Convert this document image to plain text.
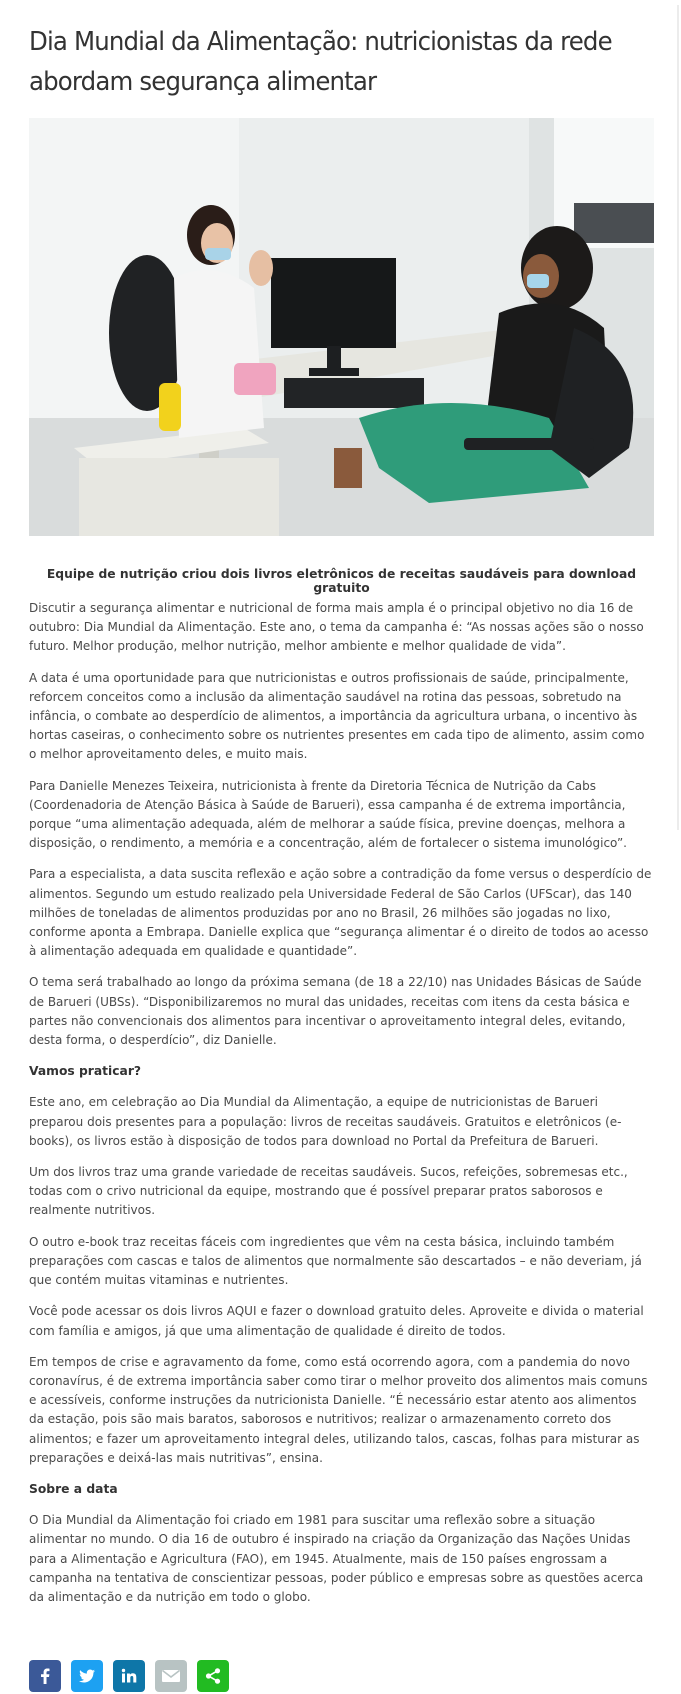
Dia Mundial da Alimentação: nutricionistas da rede abordam segurança alimentar
Equipe de nutrição criou dois livros eletrônicos de receitas saudáveis para download gratuito

Discutir a segurança alimentar e nutricional de forma mais ampla é o principal objetivo no dia 16 de outubro: Dia Mundial da Alimentação. Este ano, o tema da campanha é: “As nossas ações são o nosso futuro. Melhor produção, melhor nutrição, melhor ambiente e melhor qualidade de vida”.

A data é uma oportunidade para que nutricionistas e outros profissionais de saúde, principalmente, reforcem conceitos como a inclusão da alimentação saudável na rotina das pessoas, sobretudo na infância, o combate ao desperdício de alimentos, a importância da agricultura urbana, o incentivo às hortas caseiras, o conhecimento sobre os nutrientes presentes em cada tipo de alimento, assim como o melhor aproveitamento deles, e muito mais.

Para Danielle Menezes Teixeira, nutricionista à frente da Diretoria Técnica de Nutrição da Cabs (Coordenadoria de Atenção Básica à Saúde de Barueri), essa campanha é de extrema importância, porque “uma alimentação adequada, além de melhorar a saúde física, previne doenças, melhora a disposição, o rendimento, a memória e a concentração, além de fortalecer o sistema imunológico”.

Para a especialista, a data suscita reflexão e ação sobre a contradição da fome versus o desperdício de alimentos. Segundo um estudo realizado pela Universidade Federal de São Carlos (UFScar), das 140 milhões de toneladas de alimentos produzidas por ano no Brasil, 26 milhões são jogadas no lixo, conforme aponta a Embrapa. Danielle explica que “segurança alimentar é o direito de todos ao acesso à alimentação adequada em qualidade e quantidade”.

O tema será trabalhado ao longo da próxima semana (de 18 a 22/10) nas Unidades Básicas de Saúde de Barueri (UBSs). “Disponibilizaremos no mural das unidades, receitas com itens da cesta básica e partes não convencionais dos alimentos para incentivar o aproveitamento integral deles, evitando, desta forma, o desperdício”, diz Danielle.

Vamos praticar?

Este ano, em celebração ao Dia Mundial da Alimentação, a equipe de nutricionistas de Barueri preparou dois presentes para a população: livros de receitas saudáveis. Gratuitos e eletrônicos (e-books), os livros estão à disposição de todos para download no Portal da Prefeitura de Barueri.

Um dos livros traz uma grande variedade de receitas saudáveis. Sucos, refeições, sobremesas etc., todas com o crivo nutricional da equipe, mostrando que é possível preparar pratos saborosos e realmente nutritivos.

O outro e-book traz receitas fáceis com ingredientes que vêm na cesta básica, incluindo também preparações com cascas e talos de alimentos que normalmente são descartados – e não deveriam, já que contém muitas vitaminas e nutrientes.

Você pode acessar os dois livros AQUI e fazer o download gratuito deles. Aproveite e divida o material com família e amigos, já que uma alimentação de qualidade é direito de todos.

Em tempos de crise e agravamento da fome, como está ocorrendo agora, com a pandemia do novo coronavírus, é de extrema importância saber como tirar o melhor proveito dos alimentos mais comuns e acessíveis, conforme instruções da nutricionista Danielle. “É necessário estar atento aos alimentos da estação, pois são mais baratos, saborosos e nutritivos; realizar o armazenamento correto dos alimentos; e fazer um aproveitamento integral deles, utilizando talos, cascas, folhas para misturar as preparações e deixá-las mais nutritivas”, ensina.

Sobre a data

O Dia Mundial da Alimentação foi criado em 1981 para suscitar uma reflexão sobre a situação alimentar no mundo. O dia 16 de outubro é inspirado na criação da Organização das Nações Unidas para a Alimentação e Agricultura (FAO), em 1945. Atualmente, mais de 150 países engrossam a campanha na tentativa de conscientizar pessoas, poder público e empresas sobre as questões acerca da alimentação e da nutrição em todo o globo.
